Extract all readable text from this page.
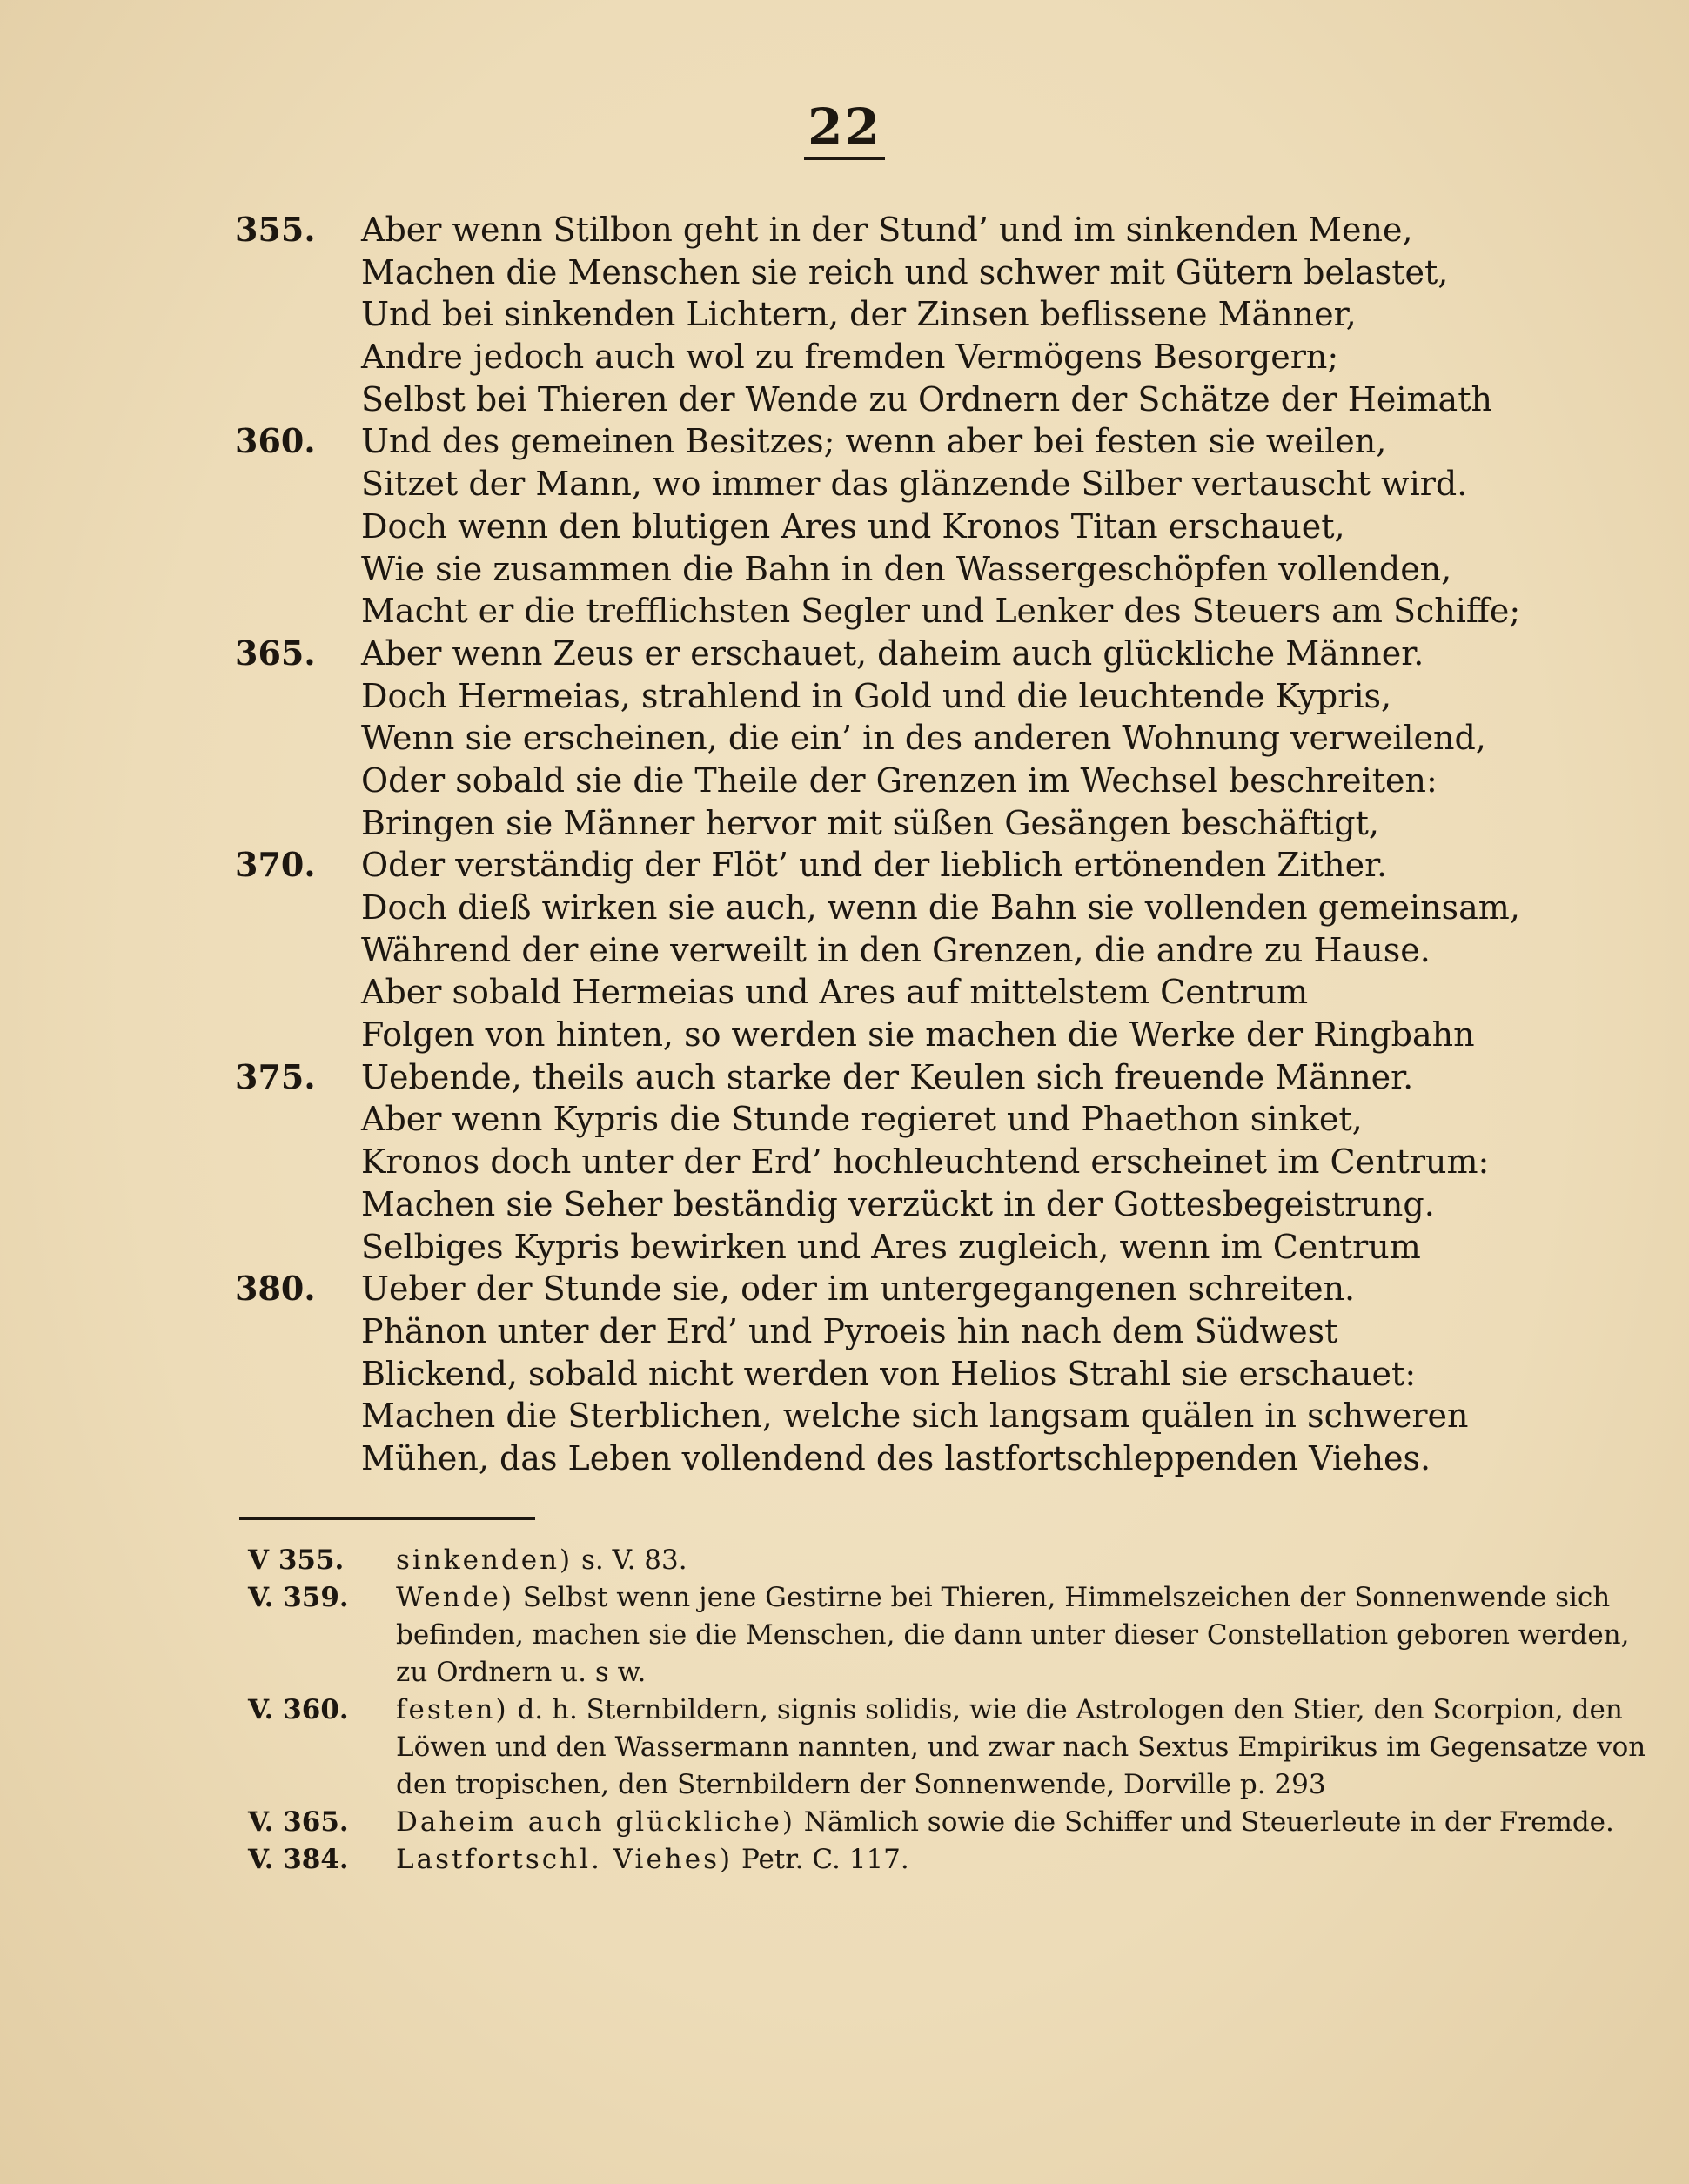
22
355.	Aber wenn Stilbon geht in der Stund’ und im sinkenden Mene,
Machen die Menschen sie reich und schwer mit Gütern belastet,
Und bei sinkenden Lichtern, der Zinsen beflissene Männer,
Andre jedoch auch wol zu fremden Vermögens Besorgern;
Selbst bei Thieren der Wende zu Ordnern der Schätze der Heimath
360.	Und des gemeinen Besitzes; wenn aber bei festen sie weilen,
Sitzet der Mann, wo immer das glänzende Silber vertauscht wird.
Doch wenn den blutigen Ares und Kronos Titan erschauet,
Wie sie zusammen die Bahn in den Wassergeschöpfen vollenden,
Macht er die trefflichsten Segler und Lenker des Steuers am Schiffe;
365.	Aber wenn Zeus er erschauet, daheim auch glückliche Männer.
Doch Hermeias, strahlend in Gold und die leuchtende Kypris,
Wenn sie erscheinen, die ein’ in des anderen Wohnung verweilend,
Oder sobald sie die Theile der Grenzen im Wechsel beschreiten:
Bringen sie Männer hervor mit süßen Gesängen beschäftigt,
370.	Oder verständig der Flöt’ und der lieblich ertönenden Zither.
Doch dieß wirken sie auch, wenn die Bahn sie vollenden gemeinsam,
Während der eine verweilt in den Grenzen, die andre zu Hause.
Aber sobald Hermeias und Ares auf mittelstem Centrum
Folgen von hinten, so werden sie machen die Werke der Ringbahn
375.	Uebende, theils auch starke der Keulen sich freuende Männer.
Aber wenn Kypris die Stunde regieret und Phaethon sinket,
Kronos doch unter der Erd’ hochleuchtend erscheinet im Centrum:
Machen sie Seher beständig verzückt in der Gottesbegeistrung.
Selbiges Kypris bewirken und Ares zugleich, wenn im Centrum
380.	Ueber der Stunde sie, oder im untergegangenen schreiten.
Phänon unter der Erd’ und Pyroeis hin nach dem Südwest
Blickend, sobald nicht werden von Helios Strahl sie erschauet:
Machen die Sterblichen, welche sich langsam quälen in schweren
Mühen, das Leben vollendend des lastfortschleppenden Viehes.
V 355.	sinkenden) s. V. 83.
V. 359.	Wende) Selbst wenn jene Gestirne bei Thieren, Himmelszeichen der Sonnenwende sich befinden, machen sie die Menschen, die dann unter dieser Constellation geboren werden, zu Ordnern u. s w.
V. 360.	festen) d. h. Sternbildern, signis solidis, wie die Astrologen den Stier, den Scorpion, den Löwen und den Wassermann nannten, und zwar nach Sextus Empirikus im Gegensatze von den tropischen, den Sternbildern der Sonnenwende, Dorville p. 293
V. 365.	Daheim auch glückliche) Nämlich sowie die Schiffer und Steuerleute in der Fremde.
V. 384.	Lastfortschl. Viehes) Petr. C. 117.
